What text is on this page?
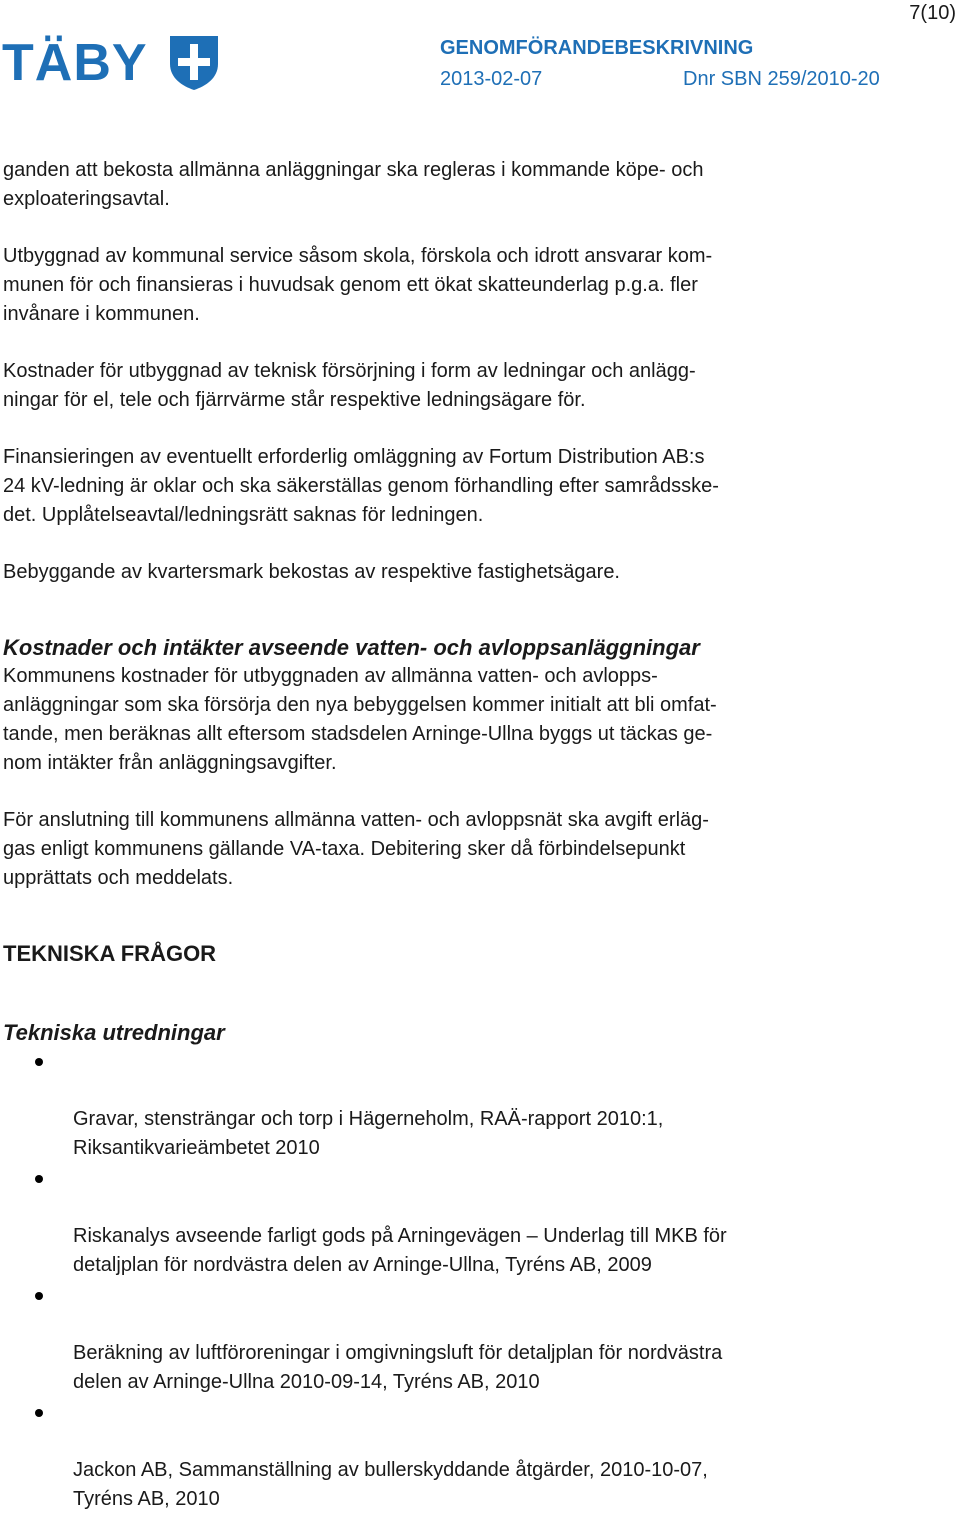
7(10)
TÄBY	GENOMFÖRANDEBESKRIVNING
2013-02-07	Dnr SBN 259/2010-20

ganden att bekosta allmänna anläggningar ska regleras i kommande köpe- och
exploateringsavtal.

Utbyggnad av kommunal service såsom skola, förskola och idrott ansvarar kom-
munen för och finansieras i huvudsak genom ett ökat skatteunderlag p.g.a. fler
invånare i kommunen.

Kostnader för utbyggnad av teknisk försörjning i form av ledningar och anlägg-
ningar för el, tele och fjärrvärme står respektive ledningsägare för.

Finansieringen av eventuellt erforderlig omläggning av Fortum Distribution AB:s
24 kV-ledning är oklar och ska säkerställas genom förhandling efter samrådsske-
det. Upplåtelseavtal/ledningsrätt saknas för ledningen.

Bebyggande av kvartersmark bekostas av respektive fastighetsägare.

Kostnader och intäkter avseende vatten- och avloppsanläggningar

Kommunens kostnader för utbyggnaden av allmänna vatten- och avlopps-
anläggningar som ska försörja den nya bebyggelsen kommer initialt att bli omfat-
tande, men beräknas allt eftersom stadsdelen Arninge-Ullna byggs ut täckas ge-
nom intäkter från anläggningsavgifter.

För anslutning till kommunens allmänna vatten- och avloppsnät ska avgift erläg-
gas enligt kommunens gällande VA-taxa. Debitering sker då förbindelsepunkt
upprättats och meddelats.

TEKNISKA FRÅGOR
Tekniska utredningar

Gravar, stensträngar och torp i Hägerneholm, RAÄ-rapport 2010:1,
Riksantikvarieämbetet 2010

Riskanalys avseende farligt gods på Arningevägen – Underlag till MKB för
detaljplan för nordvästra delen av Arninge-Ullna, Tyréns AB, 2009

Beräkning av luftföroreningar i omgivningsluft för detaljplan för nordvästra
delen av Arninge-Ullna 2010-09-14, Tyréns AB, 2010

Jackon AB, Sammanställning av bullerskyddande åtgärder, 2010-10-07,
Tyréns AB, 2010
